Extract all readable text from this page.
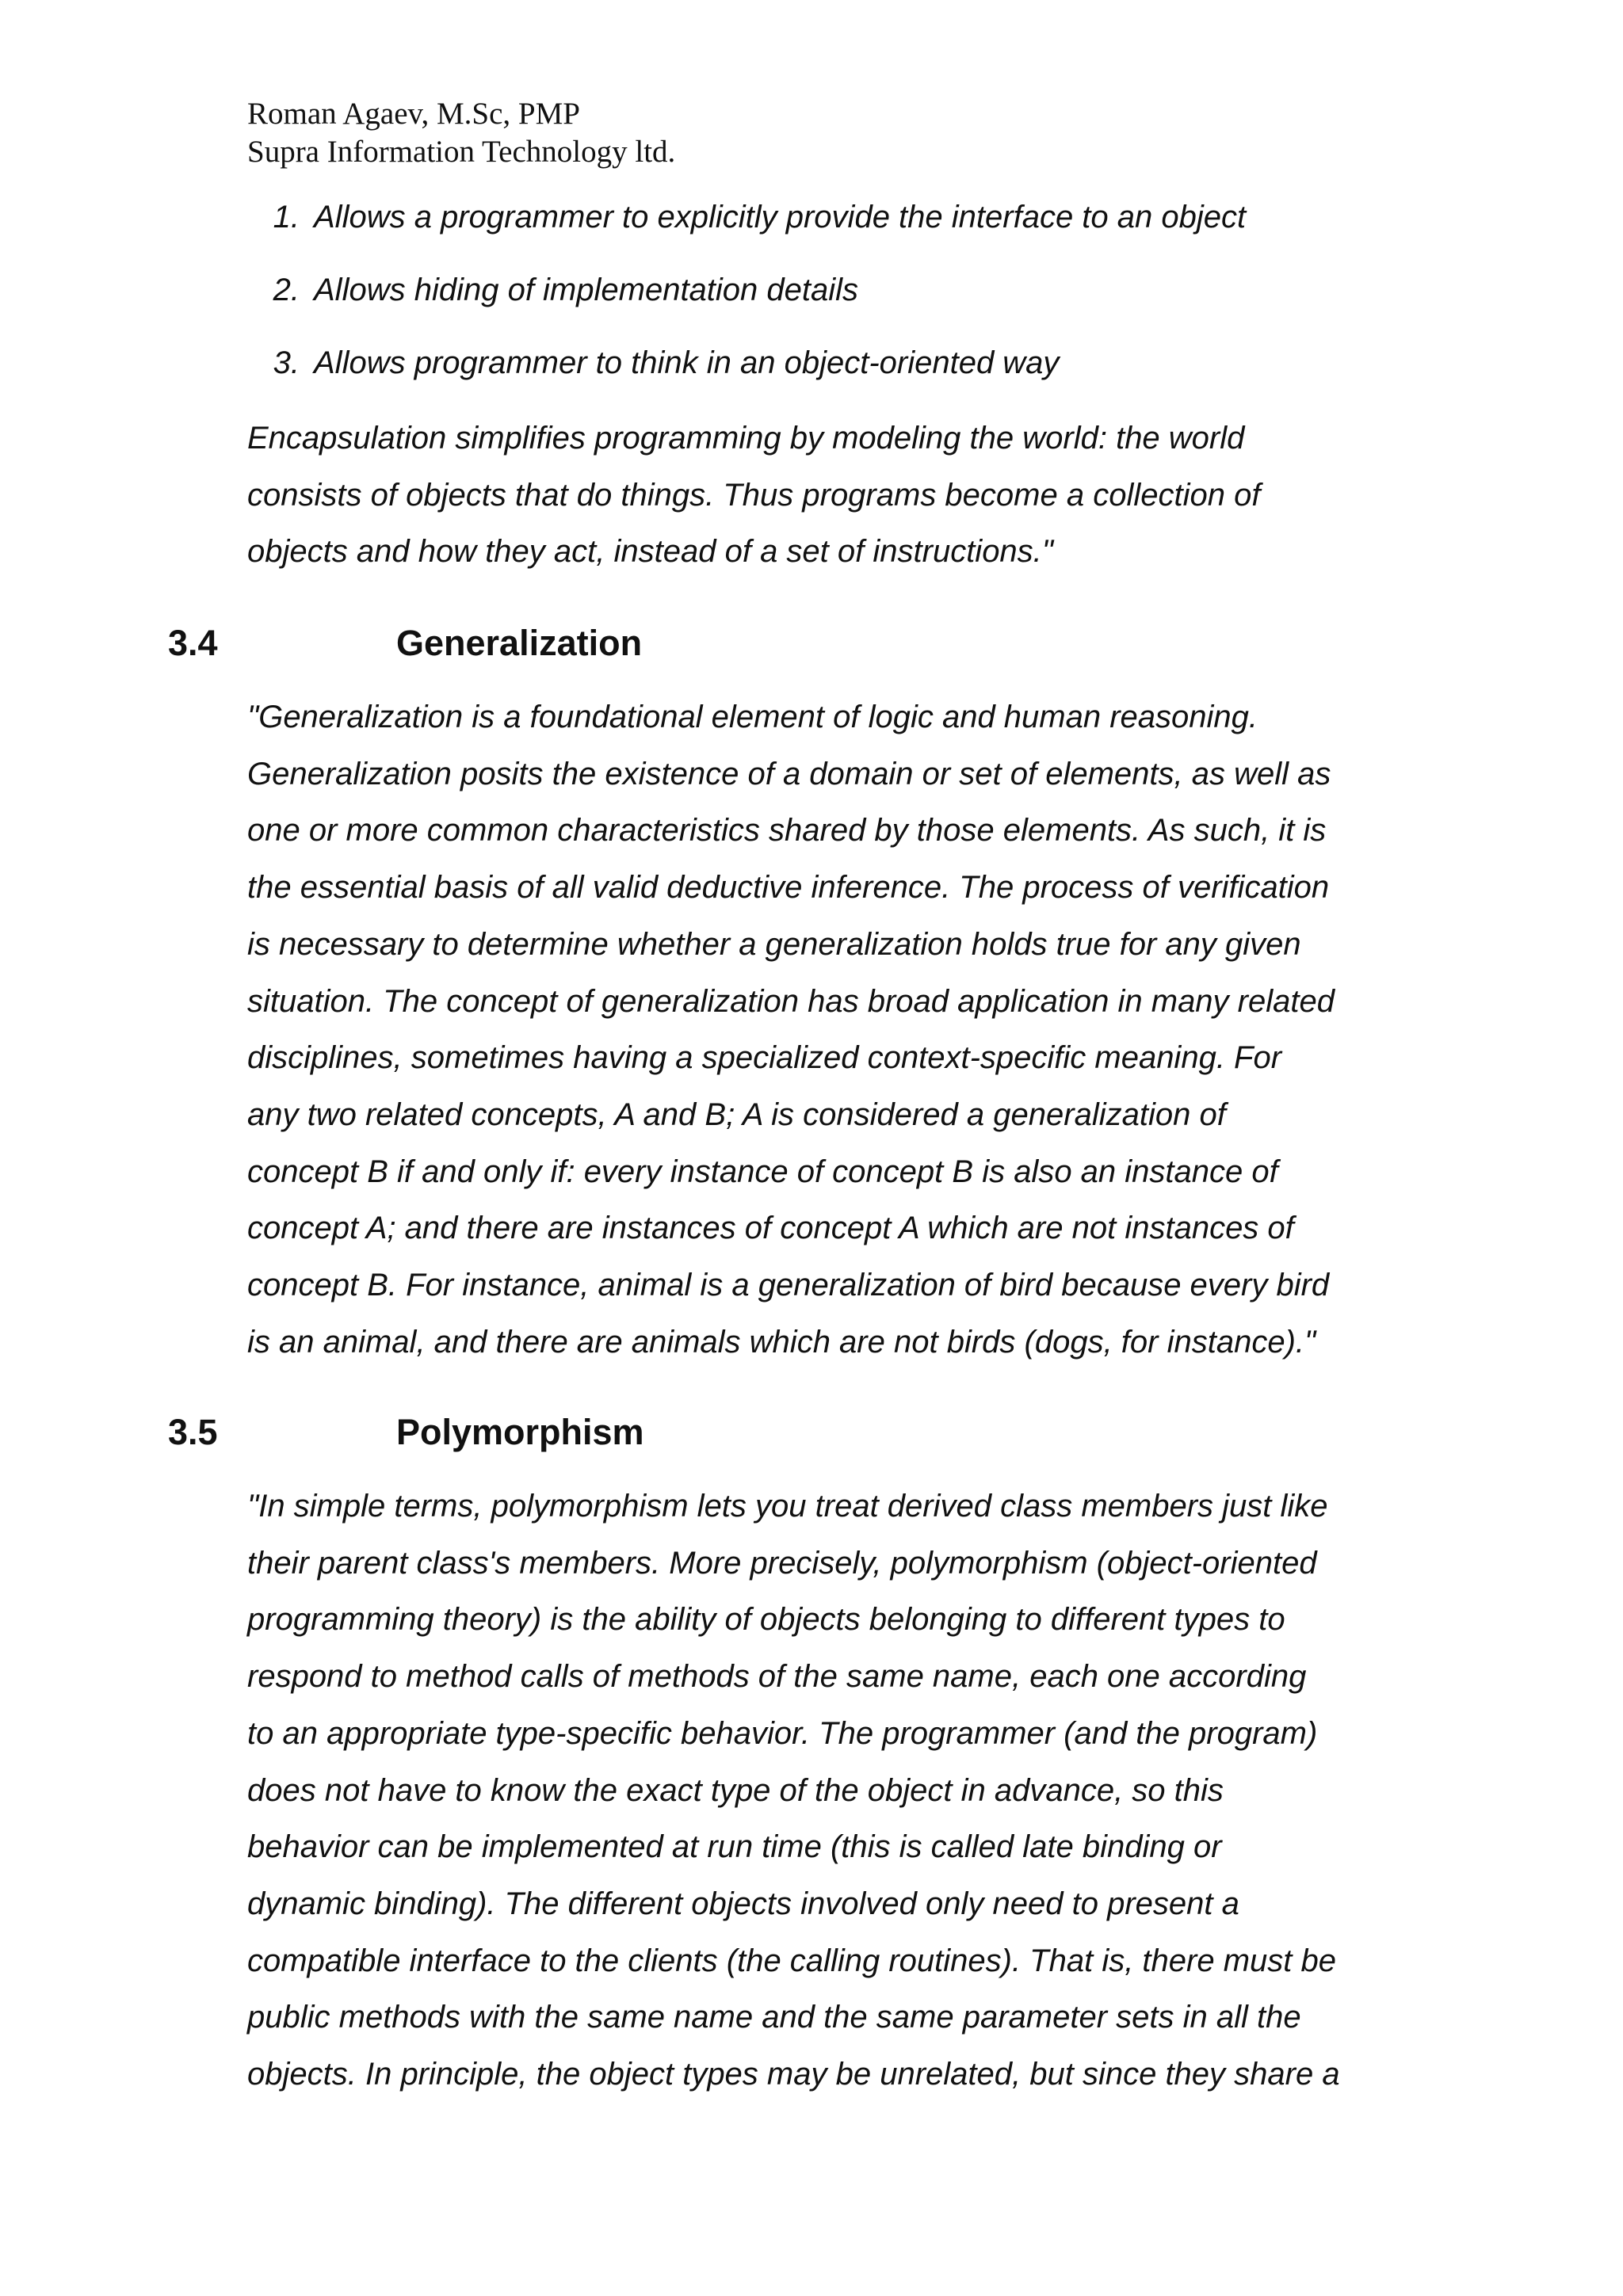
Roman Agaev, M.Sc, PMP
Supra Information Technology ltd.
1. Allows a programmer to explicitly provide the interface to an object
2. Allows hiding of implementation details
3. Allows programmer to think in an object-oriented way

Encapsulation simplifies programming by modeling the world: the world
consists of objects that do things. Thus programs become a collection of
objects and how they act, instead of a set of instructions."

3.4	Generalization

"Generalization is a foundational element of logic and human reasoning.
Generalization posits the existence of a domain or set of elements, as well as
one or more common characteristics shared by those elements. As such, it is
the essential basis of all valid deductive inference. The process of verification
is necessary to determine whether a generalization holds true for any given
situation. The concept of generalization has broad application in many related
disciplines, sometimes having a specialized context-specific meaning. For
any two related concepts, A and B; A is considered a generalization of
concept B if and only if: every instance of concept B is also an instance of
concept A; and there are instances of concept A which are not instances of
concept B. For instance, animal is a generalization of bird because every bird
is an animal, and there are animals which are not birds (dogs, for instance)."

3.5	Polymorphism

"In simple terms, polymorphism lets you treat derived class members just like
their parent class's members. More precisely, polymorphism (object-oriented
programming theory) is the ability of objects belonging to different types to
respond to method calls of methods of the same name, each one according
to an appropriate type-specific behavior. The programmer (and the program)
does not have to know the exact type of the object in advance, so this
behavior can be implemented at run time (this is called late binding or
dynamic binding). The different objects involved only need to present a
compatible interface to the clients (the calling routines). That is, there must be
public methods with the same name and the same parameter sets in all the
objects. In principle, the object types may be unrelated, but since they share a
